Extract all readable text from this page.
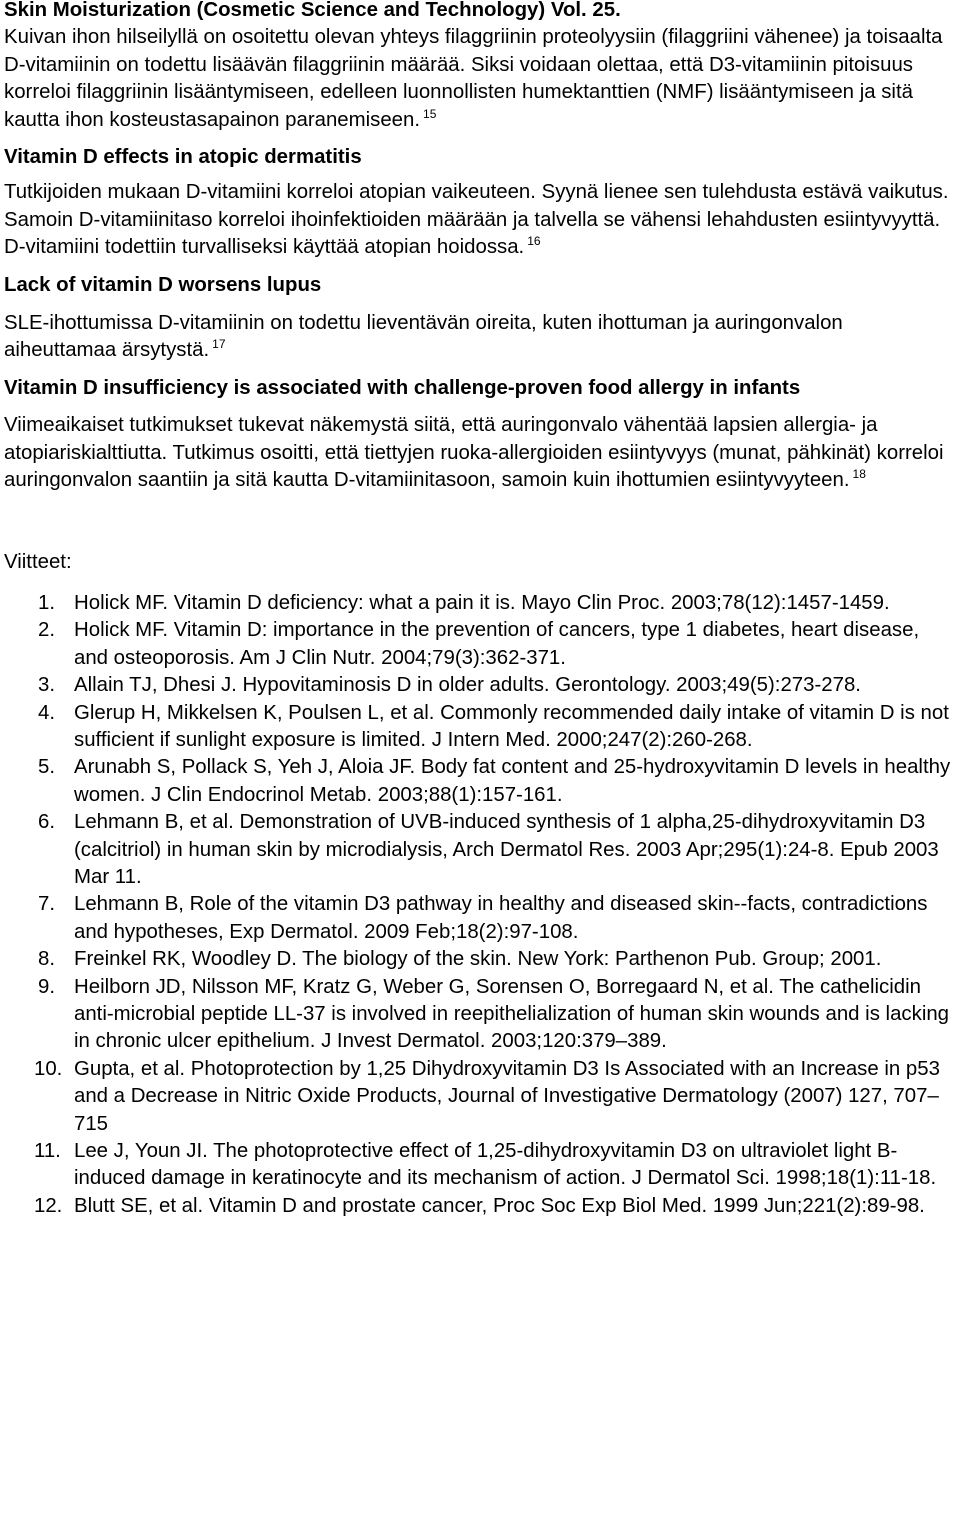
Skin Moisturization (Cosmetic Science and Technology) Vol. 25.

Kuivan ihon hilseilyllä on osoitettu olevan yhteys filaggriinin proteolyysiin (filaggriini vähenee) ja toisaalta D-vitamiinin on todettu lisäävän filaggriinin määrää. Siksi voidaan olettaa, että D3-vitamiinin pitoisuus korreloi filaggriinin lisääntymiseen, edelleen luonnollisten humektanttien (NMF) lisääntymiseen ja sitä kautta ihon kosteustasapainon paranemiseen. $^{15}$

Vitamin D effects in atopic dermatitis

Tutkijoiden mukaan D-vitamiini korreloi atopian vaikeuteen. Syynä lienee sen tulehdusta estävä vaikutus. Samoin D-vitamiinitaso korreloi ihoinfektioiden määrään ja talvella se vähensi lehahdusten esiintyvyyttä. D-vitamiini todettiin turvalliseksi käyttää atopian hoidossa. $^{16}$

Lack of vitamin D worsens lupus

SLE-ihottumissa D-vitamiinin on todettu lieventävän oireita, kuten ihottuman ja auringonvalon aiheuttamaa ärsytystä. $^{17}$

Vitamin D insufficiency is associated with challenge-proven food allergy in infants

Viimeaikaiset tutkimukset tukevat näkemystä siitä, että auringonvalo vähentää lapsien allergia- ja atopiariskialttiutta. Tutkimus osoitti, että tiettyjen ruoka-allergioiden esiintyvyys (munat, pähkinät) korreloi auringonvalon saantiin ja sitä kautta D-vitamiinitasoon, samoin kuin ihottumien esiintyvyyteen. $^{18}$

Viitteet:

1. Holick MF. Vitamin D deficiency: what a pain it is. Mayo Clin Proc. 2003;78(12):1457-1459.
2. Holick MF. Vitamin D: importance in the prevention of cancers, type 1 diabetes, heart disease, and osteoporosis. Am J Clin Nutr. 2004;79(3):362-371.
3. Allain TJ, Dhesi J. Hypovitaminosis D in older adults. Gerontology. 2003;49(5):273-278.
4. Glerup H, Mikkelsen K, Poulsen L, et al. Commonly recommended daily intake of vitamin D is not sufficient if sunlight exposure is limited. J Intern Med. 2000;247(2):260-268.
5. Arunabh S, Pollack S, Yeh J, Aloia JF. Body fat content and 25-hydroxyvitamin D levels in healthy women. J Clin Endocrinol Metab. 2003;88(1):157-161.
6. Lehmann B, et al. Demonstration of UVB-induced synthesis of 1 alpha,25-dihydroxyvitamin D3 (calcitriol) in human skin by microdialysis, Arch Dermatol Res. 2003 Apr;295(1):24-8. Epub 2003 Mar 11.
7. Lehmann B, Role of the vitamin D3 pathway in healthy and diseased skin--facts, contradictions and hypotheses, Exp Dermatol. 2009 Feb;18(2):97-108.
8. Freinkel RK, Woodley D. The biology of the skin. New York: Parthenon Pub. Group; 2001.
9. Heilborn JD, Nilsson MF, Kratz G, Weber G, Sorensen O, Borregaard N, et al. The cathelicidin anti-microbial peptide LL-37 is involved in reepithelialization of human skin wounds and is lacking in chronic ulcer epithelium. J Invest Dermatol. 2003;120:379–389.
10. Gupta, et al. Photoprotection by 1,25 Dihydroxyvitamin D3 Is Associated with an Increase in p53 and a Decrease in Nitric Oxide Products, Journal of Investigative Dermatology (2007) 127, 707–715
11. Lee J, Youn JI. The photoprotective effect of 1,25-dihydroxyvitamin D3 on ultraviolet light B-induced damage in keratinocyte and its mechanism of action. J Dermatol Sci. 1998;18(1):11-18.
12. Blutt SE, et al. Vitamin D and prostate cancer, Proc Soc Exp Biol Med. 1999 Jun;221(2):89-98.
